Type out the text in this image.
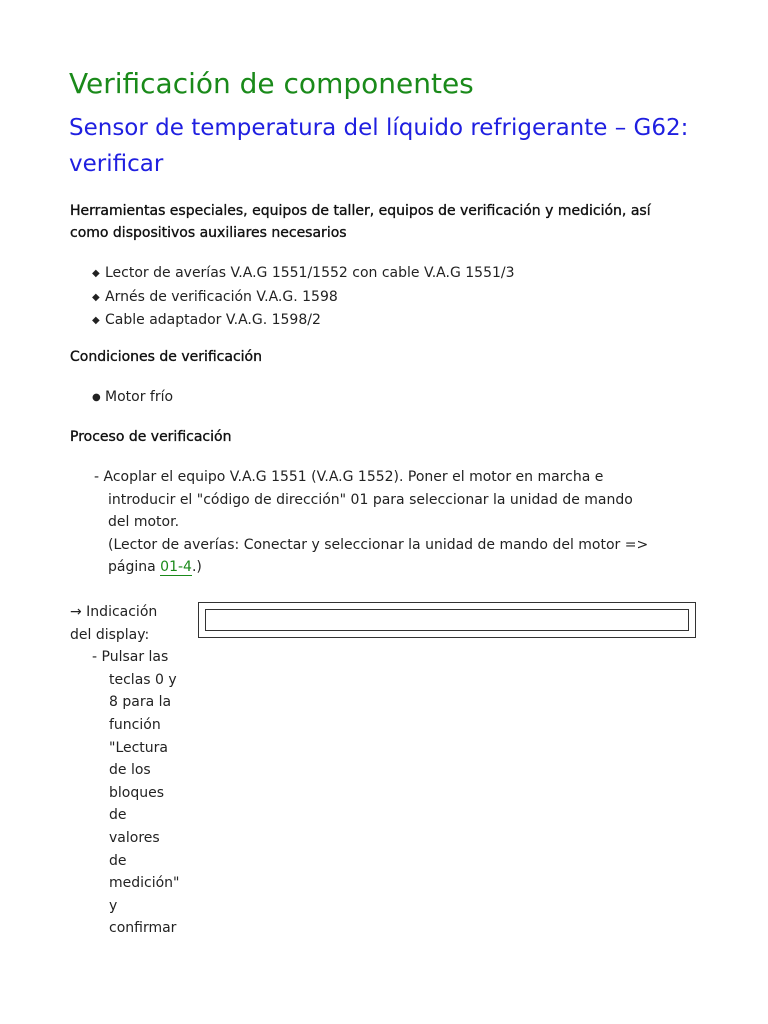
Verificación de componentes
Sensor de temperatura del líquido refrigerante – G62: verificar
Herramientas especiales, equipos de taller, equipos de verificación y medición, así
como dispositivos auxiliares necesarios
◆ Lector de averías V.A.G 1551/1552 con cable V.A.G 1551/3
◆ Arnés de verificación V.A.G. 1598
◆ Cable adaptador V.A.G. 1598/2
Condiciones de verificación
● Motor frío
Proceso de verificación
- Acoplar el equipo V.A.G 1551 (V.A.G 1552). Poner el motor en marcha e
introducir el "código de dirección" 01 para seleccionar la unidad de mando
del motor.
(Lector de averías: Conectar y seleccionar la unidad de mando del motor =>
página 01-4.)
→ Indicación
del display:
- Pulsar las
teclas 0 y
8 para la
función
"Lectura
de los
bloques
de
valores
de
medición"
y
confirmar
